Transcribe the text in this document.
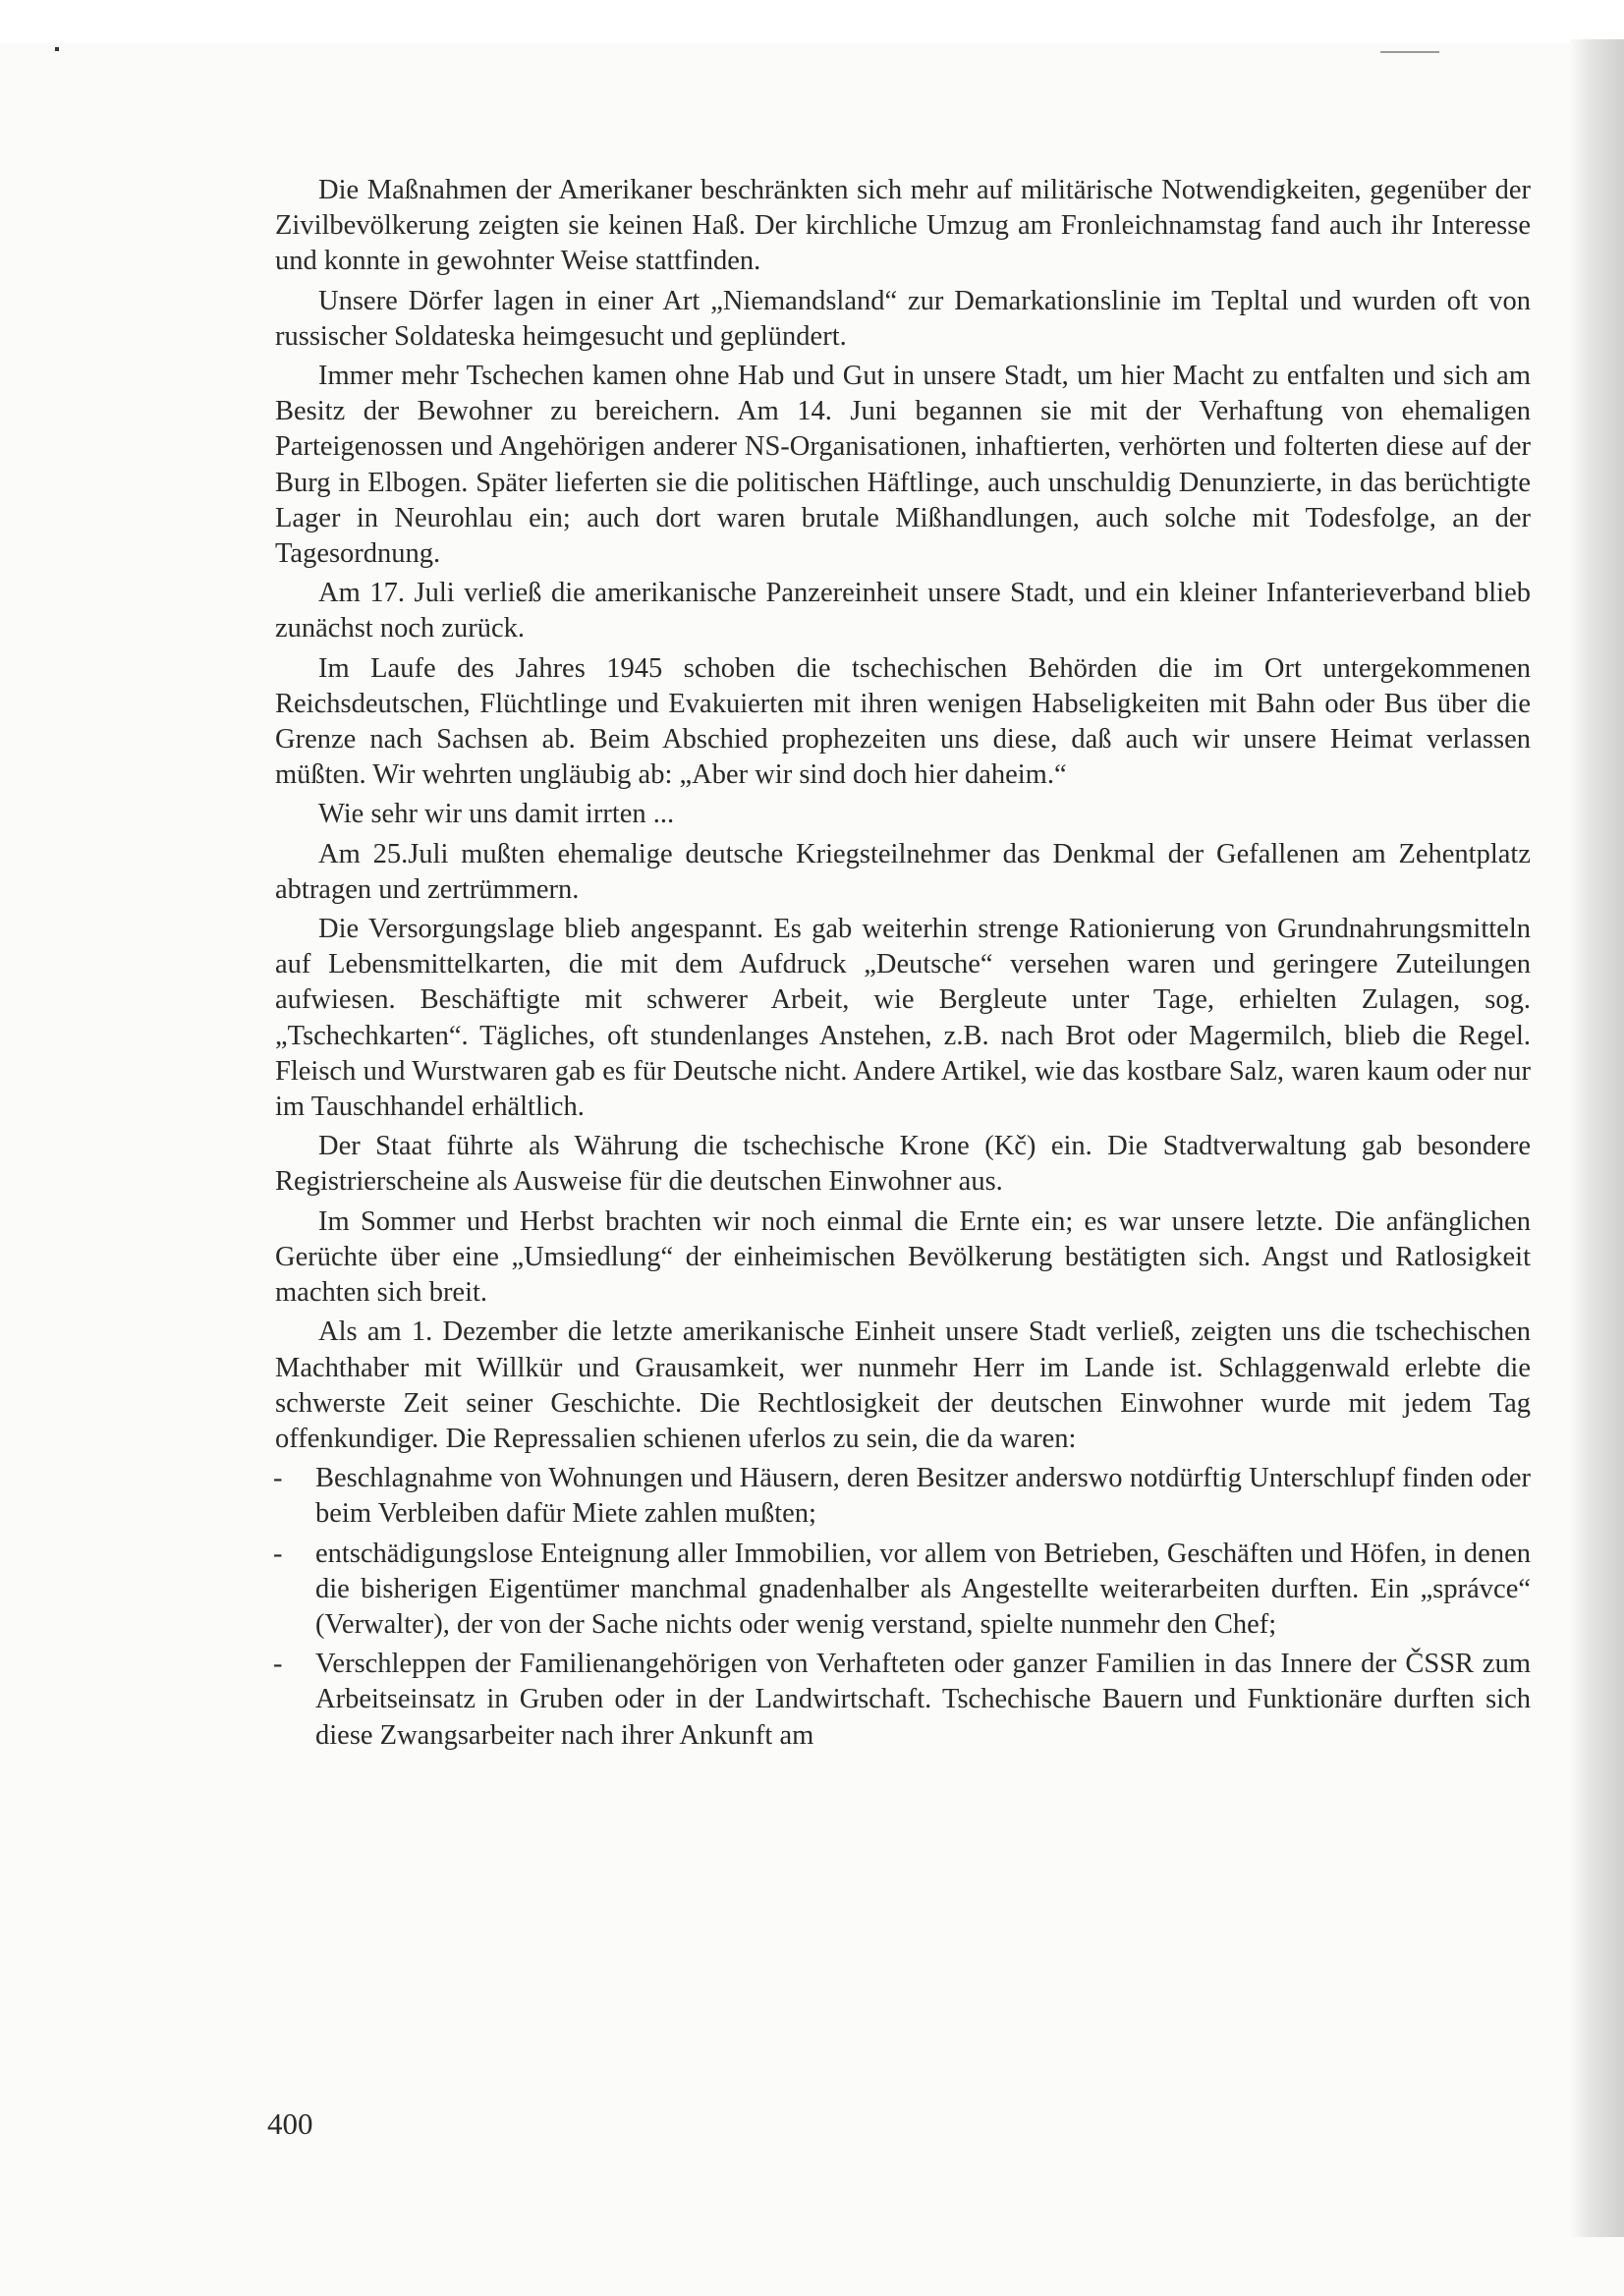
Die Maßnahmen der Amerikaner beschränkten sich mehr auf militärische Notwendigkeiten, gegenüber der Zivilbevölkerung zeigten sie keinen Haß. Der kirchliche Umzug am Fronleichnamstag fand auch ihr Interesse und konnte in gewohnter Weise stattfinden.

Unsere Dörfer lagen in einer Art „Niemandsland“ zur Demarkationslinie im Tepltal und wurden oft von russischer Soldateska heimgesucht und geplündert.

Immer mehr Tschechen kamen ohne Hab und Gut in unsere Stadt, um hier Macht zu entfalten und sich am Besitz der Bewohner zu bereichern. Am 14. Juni begannen sie mit der Verhaftung von ehemaligen Parteigenossen und Angehörigen anderer NS-Organisationen, inhaftierten, verhörten und folterten diese auf der Burg in Elbogen. Später lieferten sie die politischen Häftlinge, auch unschuldig Denunzierte, in das berüchtigte Lager in Neurohlau ein; auch dort waren brutale Mißhandlungen, auch solche mit Todesfolge, an der Tagesordnung.

Am 17. Juli verließ die amerikanische Panzereinheit unsere Stadt, und ein kleiner Infanterieverband blieb zunächst noch zurück.

Im Laufe des Jahres 1945 schoben die tschechischen Behörden die im Ort untergekommenen Reichsdeutschen, Flüchtlinge und Evakuierten mit ihren wenigen Habseligkeiten mit Bahn oder Bus über die Grenze nach Sachsen ab. Beim Abschied prophezeiten uns diese, daß auch wir unsere Heimat verlassen müßten. Wir wehrten ungläubig ab: „Aber wir sind doch hier daheim.“

Wie sehr wir uns damit irrten ...

Am 25.Juli mußten ehemalige deutsche Kriegsteilnehmer das Denkmal der Gefallenen am Zehentplatz abtragen und zertrümmern.

Die Versorgungslage blieb angespannt. Es gab weiterhin strenge Rationierung von Grundnahrungsmitteln auf Lebensmittelkarten, die mit dem Aufdruck „Deutsche“ versehen waren und geringere Zuteilungen aufwiesen. Beschäftigte mit schwerer Arbeit, wie Bergleute unter Tage, erhielten Zulagen, sog. „Tschechkarten“. Tägliches, oft stundenlanges Anstehen, z.B. nach Brot oder Magermilch, blieb die Regel. Fleisch und Wurstwaren gab es für Deutsche nicht. Andere Artikel, wie das kostbare Salz, waren kaum oder nur im Tauschhandel erhältlich.

Der Staat führte als Währung die tschechische Krone (Kč) ein. Die Stadtverwaltung gab besondere Registrierscheine als Ausweise für die deutschen Einwohner aus.

Im Sommer und Herbst brachten wir noch einmal die Ernte ein; es war unsere letzte. Die anfänglichen Gerüchte über eine „Umsiedlung“ der einheimischen Bevölkerung bestätigten sich. Angst und Ratlosigkeit machten sich breit.

Als am 1. Dezember die letzte amerikanische Einheit unsere Stadt verließ, zeigten uns die tschechischen Machthaber mit Willkür und Grausamkeit, wer nunmehr Herr im Lande ist. Schlaggenwald erlebte die schwerste Zeit seiner Geschichte. Die Rechtlosigkeit der deutschen Einwohner wurde mit jedem Tag offenkundiger. Die Repressalien schienen uferlos zu sein, die da waren:

- Beschlagnahme von Wohnungen und Häusern, deren Besitzer anderswo notdürftig Unterschlupf finden oder beim Verbleiben dafür Miete zahlen mußten;
- entschädigungslose Enteignung aller Immobilien, vor allem von Betrieben, Geschäften und Höfen, in denen die bisherigen Eigentümer manchmal gnadenhalber als Angestellte weiterarbeiten durften. Ein „správce“ (Verwalter), der von der Sache nichts oder wenig verstand, spielte nunmehr den Chef;
- Verschleppen der Familienangehörigen von Verhafteten oder ganzer Familien in das Innere der ČSSR zum Arbeitseinsatz in Gruben oder in der Landwirtschaft. Tschechische Bauern und Funktionäre durften sich diese Zwangsarbeiter nach ihrer Ankunft am
400
